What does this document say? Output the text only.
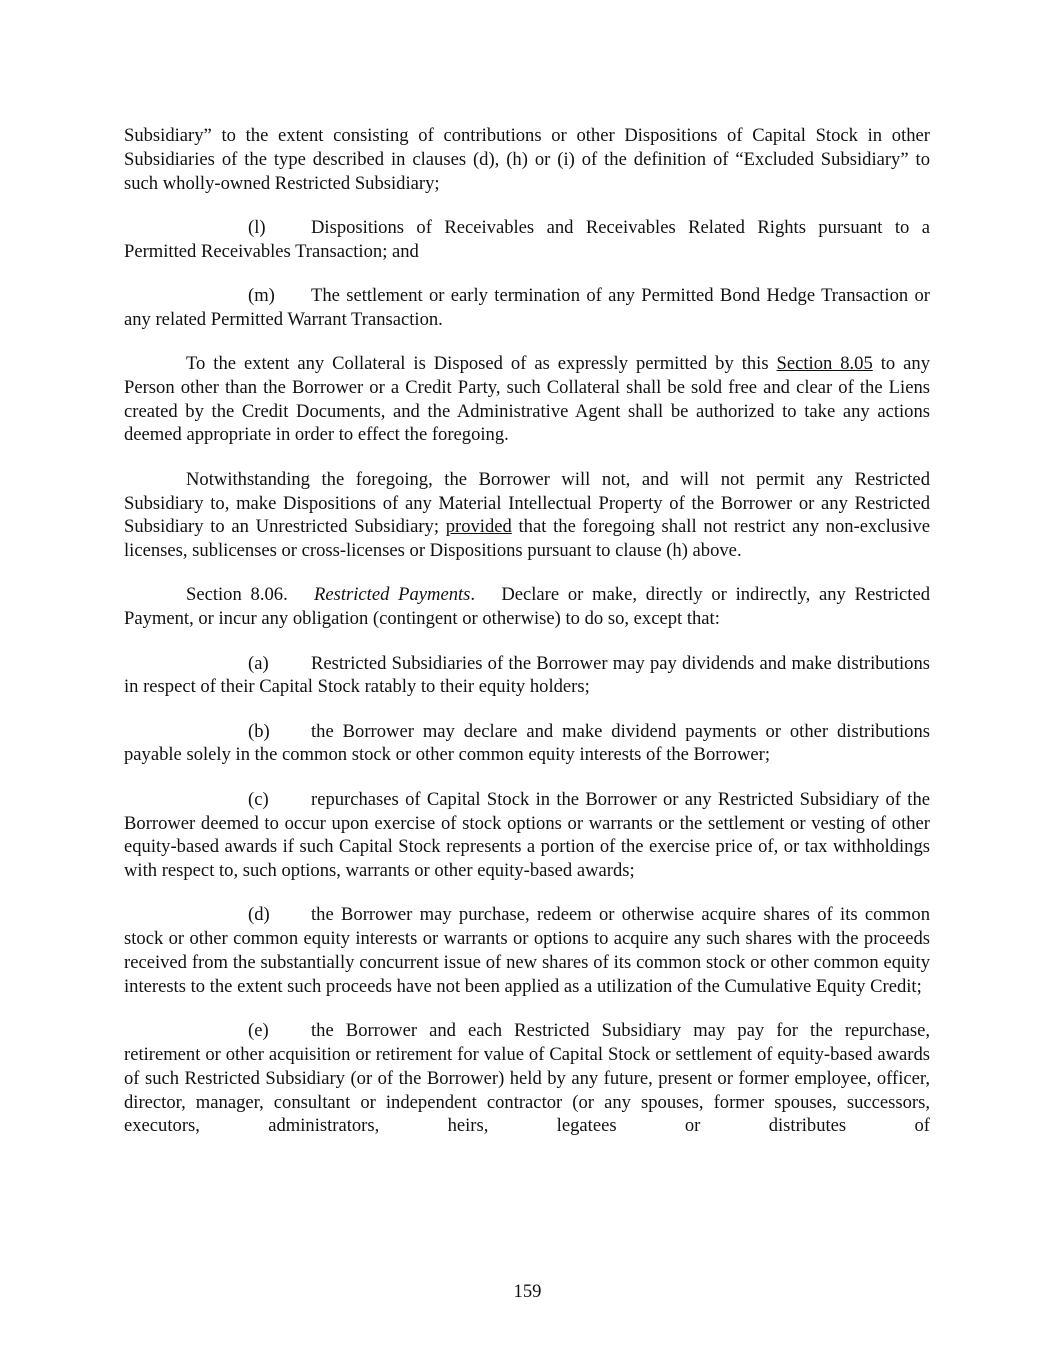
Subsidiary” to the extent consisting of contributions or other Dispositions of Capital Stock in other Subsidiaries of the type described in clauses (d), (h) or (i) of the definition of “Excluded Subsidiary” to such wholly-owned Restricted Subsidiary;

(l) Dispositions of Receivables and Receivables Related Rights pursuant to a Permitted Receivables Transaction; and

(m) The settlement or early termination of any Permitted Bond Hedge Transaction or any related Permitted Warrant Transaction.

To the extent any Collateral is Disposed of as expressly permitted by this Section 8.05 to any Person other than the Borrower or a Credit Party, such Collateral shall be sold free and clear of the Liens created by the Credit Documents, and the Administrative Agent shall be authorized to take any actions deemed appropriate in order to effect the foregoing.

Notwithstanding the foregoing, the Borrower will not, and will not permit any Restricted Subsidiary to, make Dispositions of any Material Intellectual Property of the Borrower or any Restricted Subsidiary to an Unrestricted Subsidiary; provided that the foregoing shall not restrict any non-exclusive licenses, sublicenses or cross-licenses or Dispositions pursuant to clause (h) above.

Section 8.06. Restricted Payments. Declare or make, directly or indirectly, any Restricted Payment, or incur any obligation (contingent or otherwise) to do so, except that:

(a) Restricted Subsidiaries of the Borrower may pay dividends and make distributions in respect of their Capital Stock ratably to their equity holders;

(b) the Borrower may declare and make dividend payments or other distributions payable solely in the common stock or other common equity interests of the Borrower;

(c) repurchases of Capital Stock in the Borrower or any Restricted Subsidiary of the Borrower deemed to occur upon exercise of stock options or warrants or the settlement or vesting of other equity-based awards if such Capital Stock represents a portion of the exercise price of, or tax withholdings with respect to, such options, warrants or other equity-based awards;

(d) the Borrower may purchase, redeem or otherwise acquire shares of its common stock or other common equity interests or warrants or options to acquire any such shares with the proceeds received from the substantially concurrent issue of new shares of its common stock or other common equity interests to the extent such proceeds have not been applied as a utilization of the Cumulative Equity Credit;

(e) the Borrower and each Restricted Subsidiary may pay for the repurchase, retirement or other acquisition or retirement for value of Capital Stock or settlement of equity-based awards of such Restricted Subsidiary (or of the Borrower) held by any future, present or former employee, officer, director, manager, consultant or independent contractor (or any spouses, former spouses, successors, executors, administrators, heirs, legatees or distributes of

159
